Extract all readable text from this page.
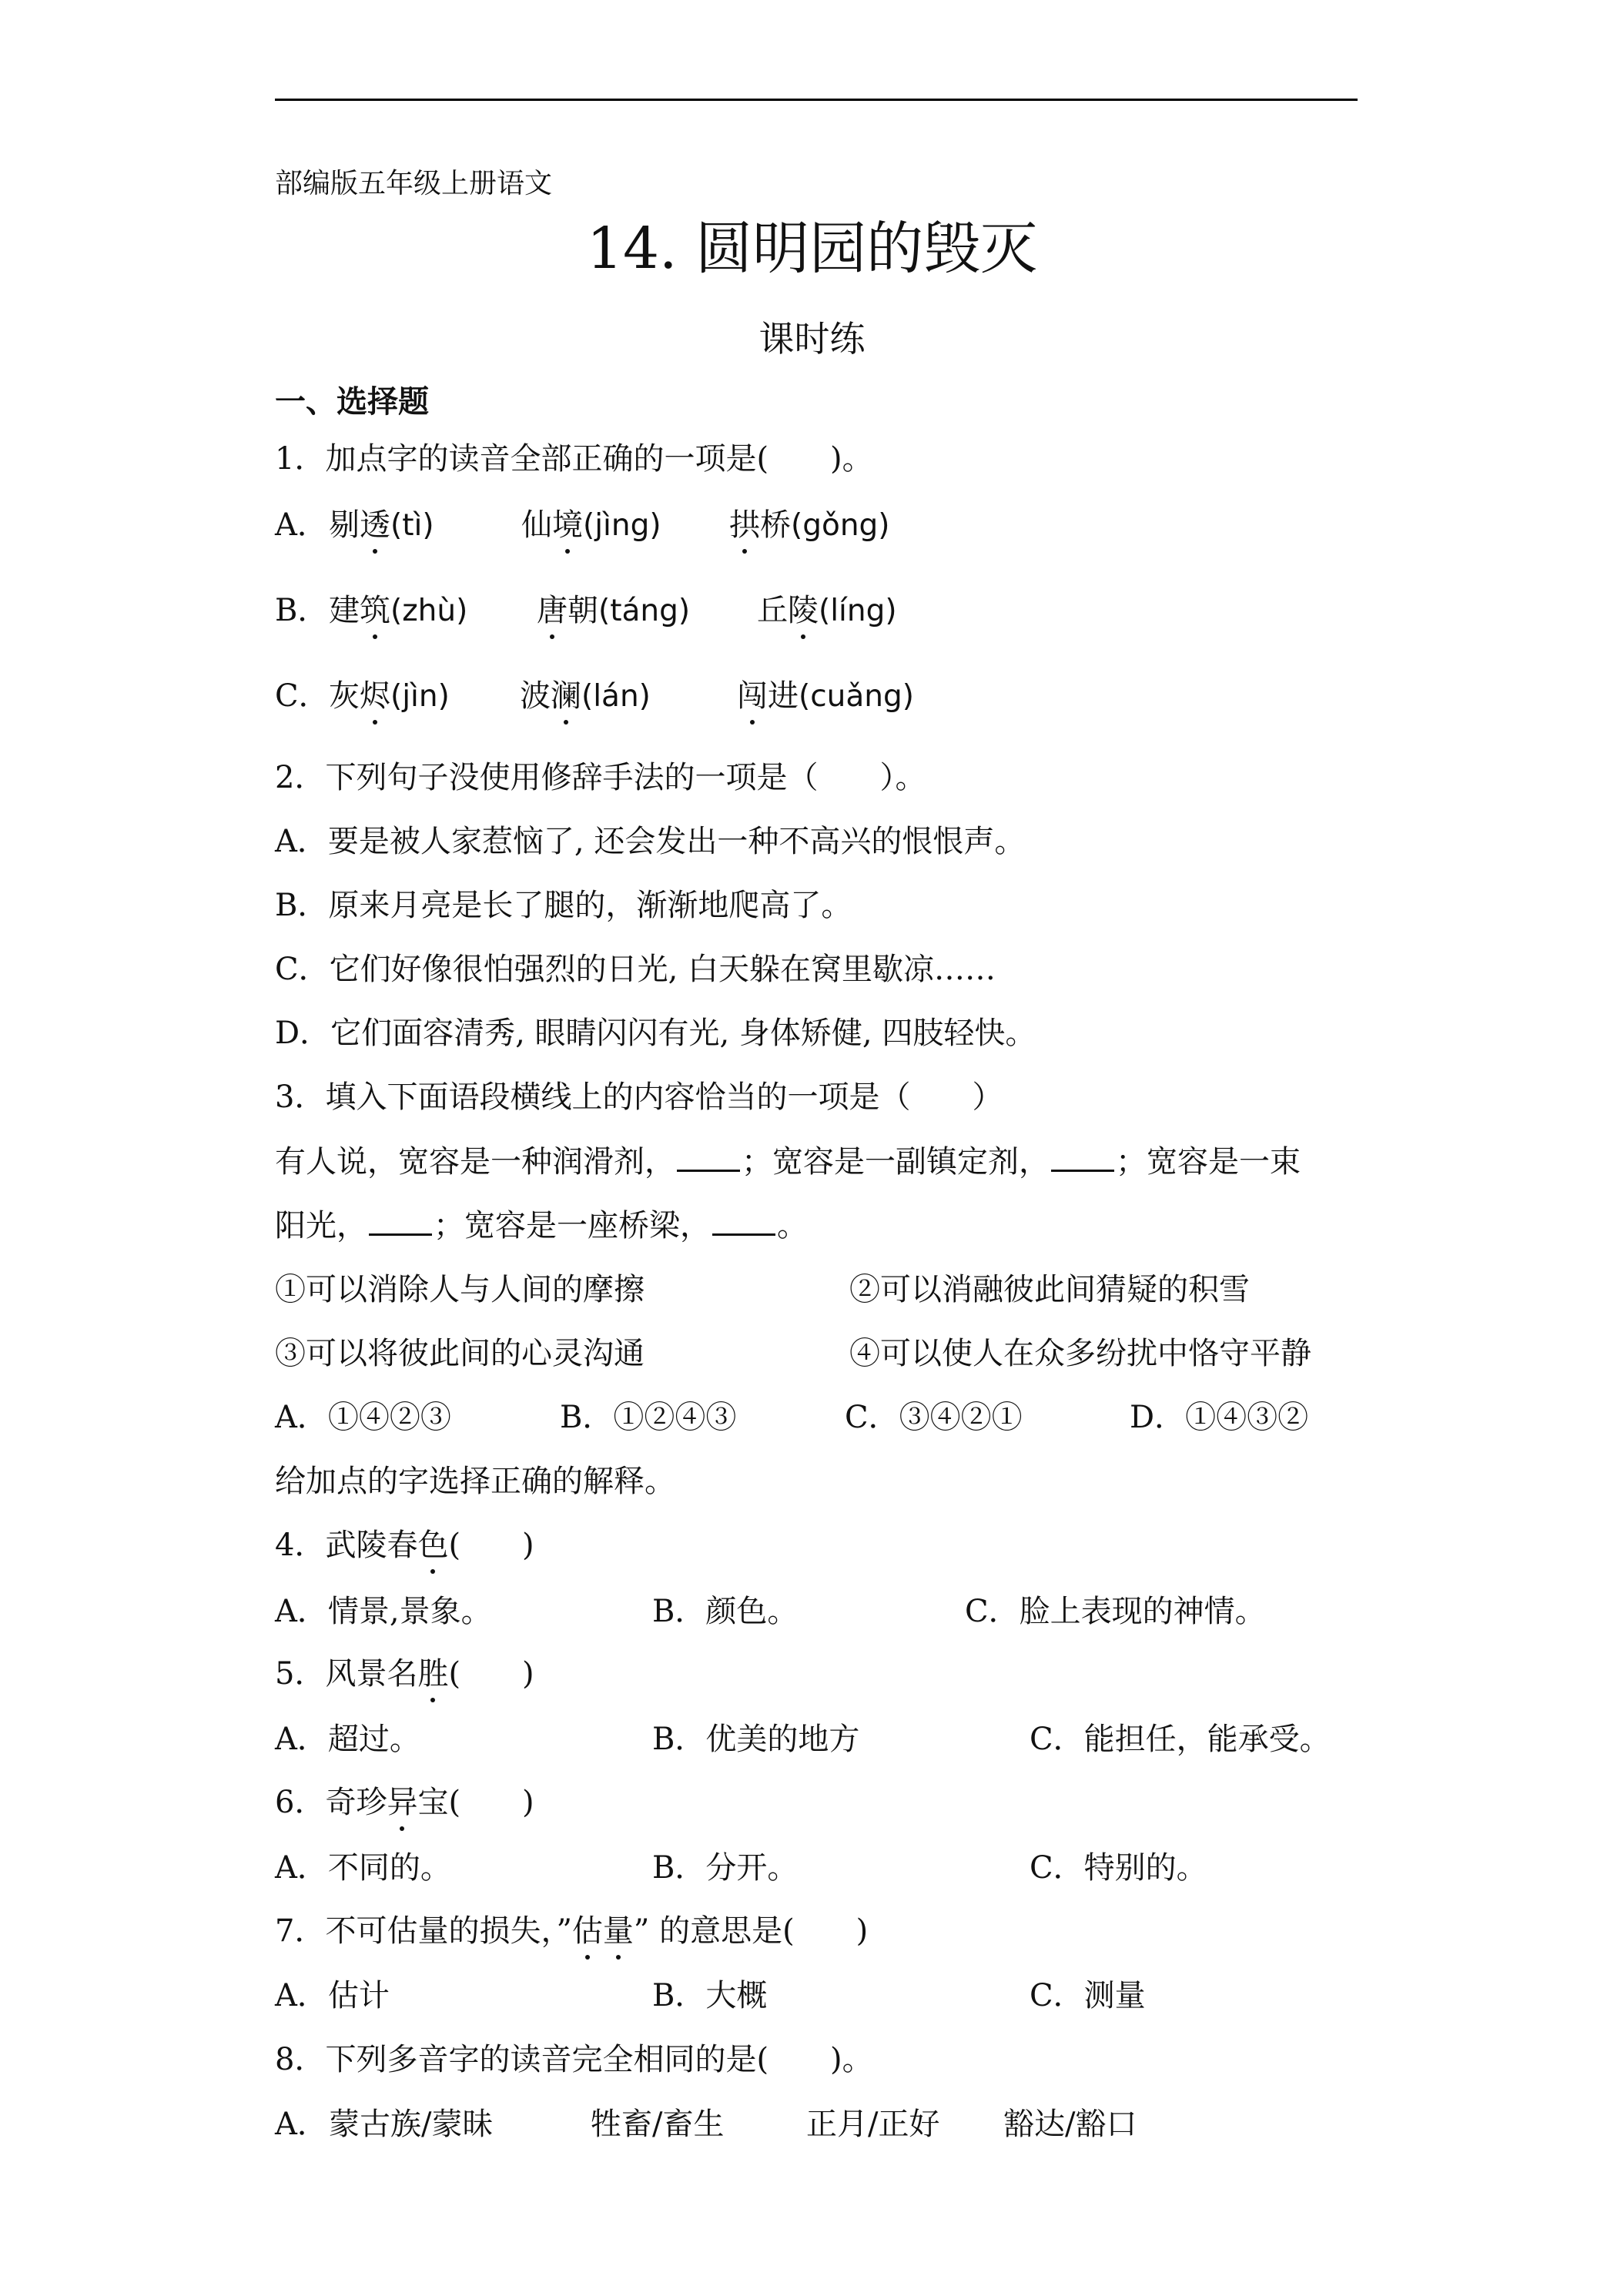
部编版五年级上册语文
14. 圆明园的毁灭
课时练
一、选择题
1．加点字的读音全部正确的一项是(　　)。
A． 剔透(tì)	仙境(jìng) 拱桥(gǒng)
B． 建筑(zhù) 唐朝(táng) 丘陵(líng)
C． 灰烬(jìn) 波澜(lán)	闯进(cuǎng)
2．下列句子没使用修辞手法的一项是（　　）。
A．要是被人家惹恼了, 还会发出一种不高兴的恨恨声。
B．原来月亮是长了腿的，渐渐地爬高了。
C．它们好像很怕强烈的日光, 白天躲在窝里歇凉……
D．它们面容清秀, 眼睛闪闪有光, 身体矫健, 四肢轻快。
3．填入下面语段横线上的内容恰当的一项是（　　）
有人说，宽容是一种润滑剂， ；宽容是一副镇定剂， ；宽容是一束
阳光， ；宽容是一座桥梁， 。
①可以消除人与人间的摩擦	②可以消融彼此间猜疑的积雪
③可以将彼此间的心灵沟通	④可以使人在众多纷扰中恪守平静
A．①④②③	B．①②④③	C．③④②①	D．①④③②
给加点的字选择正确的解释。
4．武陵春色(　　)
A．情景,景象。	B．颜色。	C．脸上表现的神情。
5．风景名胜(　　)
A．超过。	B．优美的地方	C．能担任，能承受。
6．奇珍异宝(　　)
A．不同的。	B．分开。	C．特别的。
7．不可估量的损失，”估量” 的意思是(　　)
A．估计	B．大概	C．测量
8．下列多音字的读音完全相同的是(　　)。
A． 蒙古族/蒙昧	牲畜/畜生	正月/正好 豁达/豁口
